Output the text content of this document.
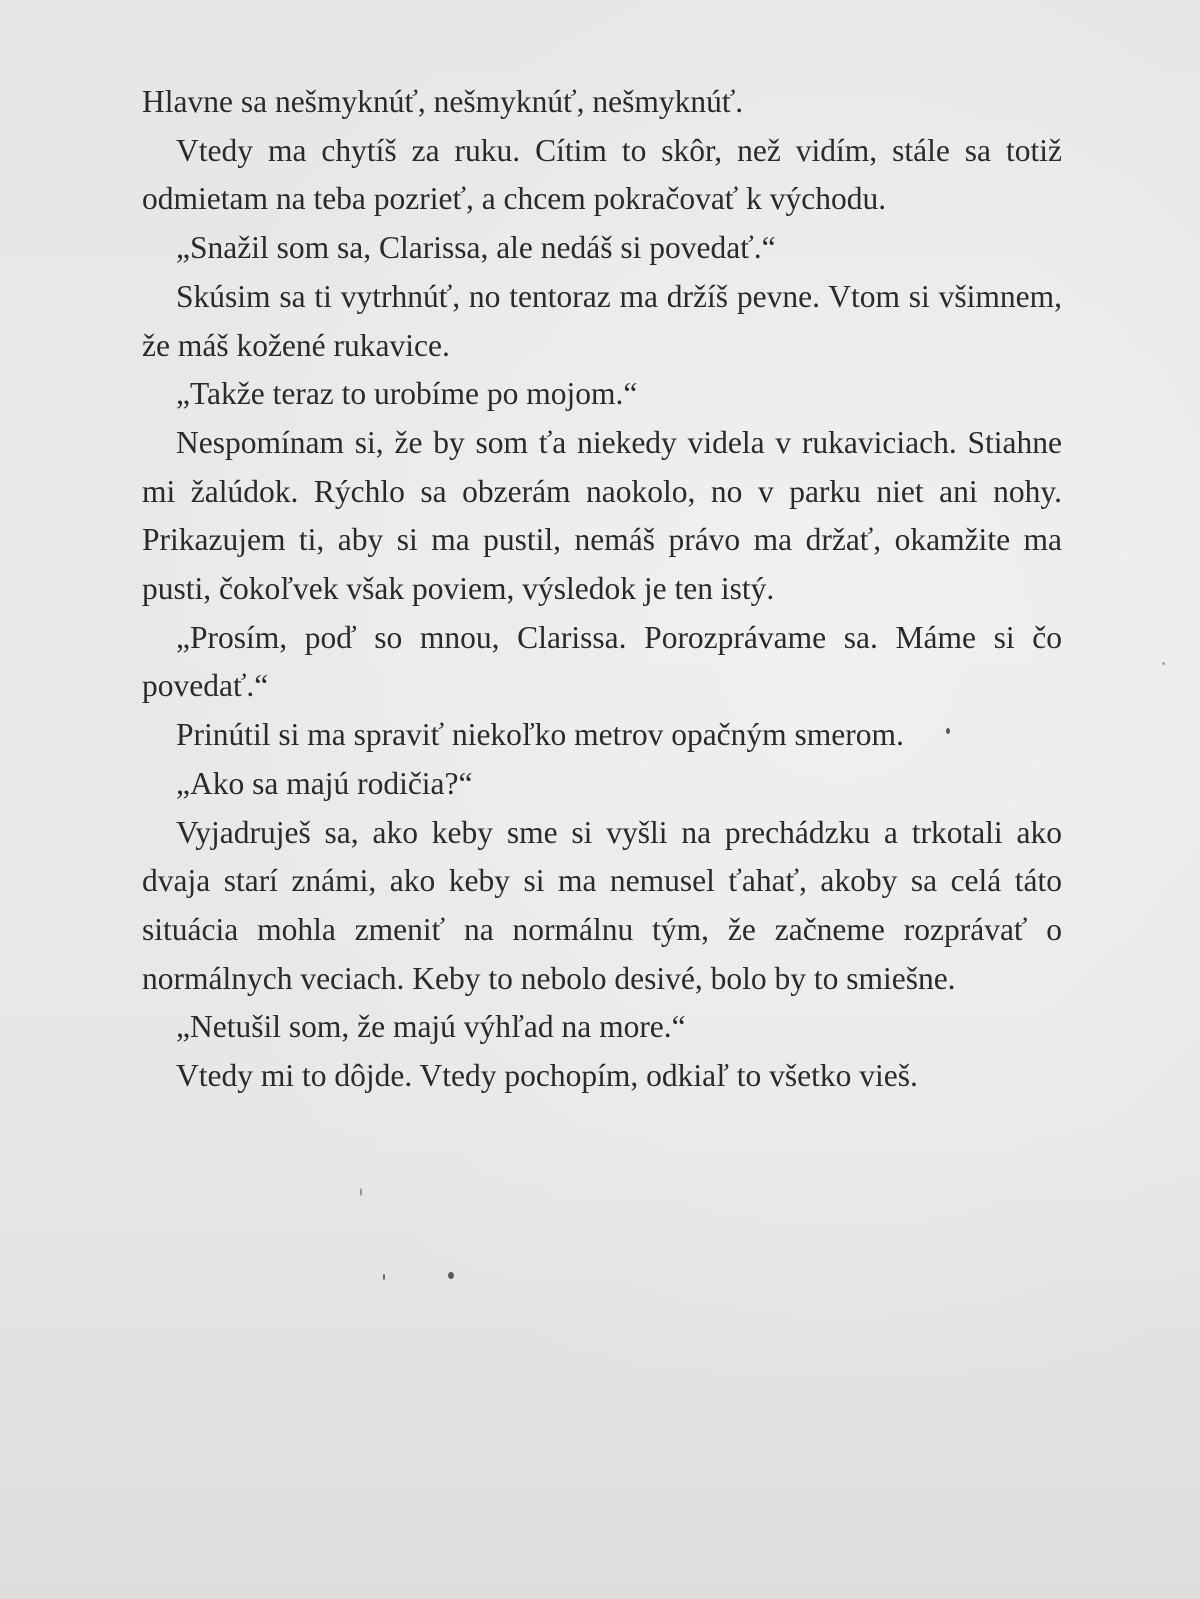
Hlavne sa nešmyknúť, nešmyknúť, nešmyknúť.

Vtedy ma chytíš za ruku. Cítim to skôr, než vidím, stále sa totiž odmietam na teba pozrieť, a chcem pokračovať k východu.

„Snažil som sa, Clarissa, ale nedáš si povedať.“

Skúsim sa ti vytrhnúť, no tentoraz ma držíš pevne. Vtom si všimnem, že máš kožené rukavice.

„Takže teraz to urobíme po mojom.“

Nespomínam si, že by som ťa niekedy videla v rukaviciach. Stiahne mi žalúdok. Rýchlo sa obzerám naokolo, no v parku niet ani nohy. Prikazujem ti, aby si ma pustil, nemáš právo ma držať, okamžite ma pusti, čokoľvek však poviem, výsledok je ten istý.

„Prosím, poď so mnou, Clarissa. Porozprávame sa. Máme si čo povedať.“

Prinútil si ma spraviť niekoľko metrov opačným smerom.

„Ako sa majú rodičia?“

Vyjadruješ sa, ako keby sme si vyšli na prechádzku a trkotali ako dvaja starí známi, ako keby si ma nemusel ťahať, akoby sa celá táto situácia mohla zmeniť na normálnu tým, že začneme rozprávať o normálnych veciach. Keby to nebolo desivé, bolo by to smiešne.

„Netušil som, že majú výhľad na more.“

Vtedy mi to dôjde. Vtedy pochopím, odkiaľ to všetko vieš.
